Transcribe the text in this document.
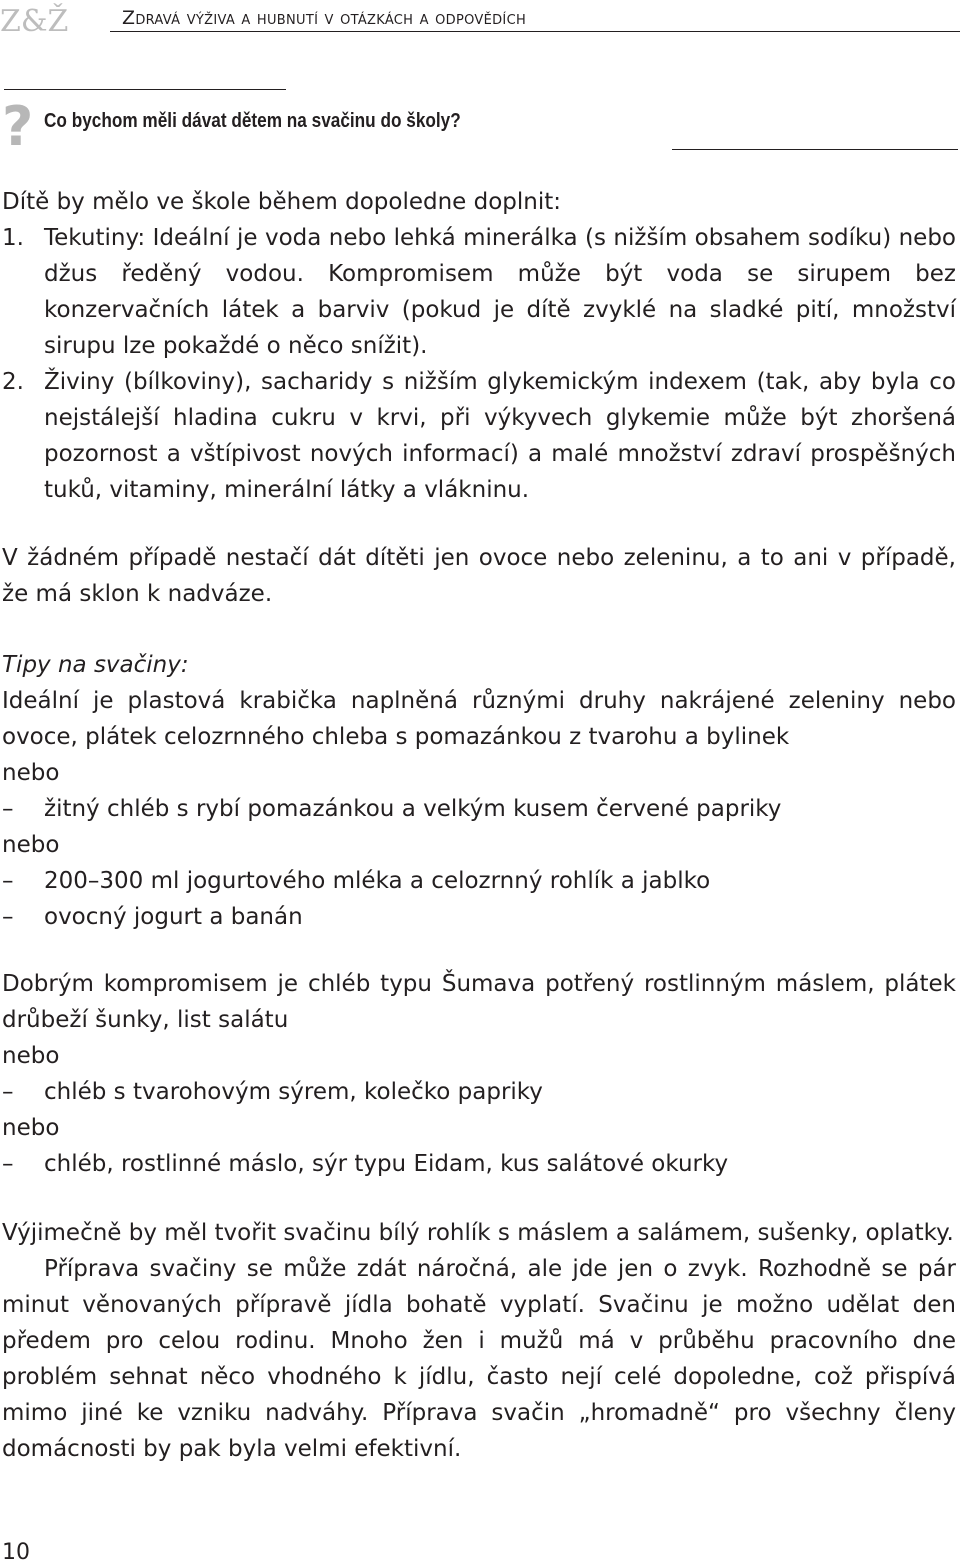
Z&Ž	Zdravá výživa a hubnutí v otázkách a odpovědích
? Co bychom měli dávat dětem na svačinu do školy?

Dítě by mělo ve škole během dopoledne doplnit:

1. Tekutiny: Ideální je voda nebo lehká minerálka (s nižším obsahem sodíku) nebo džus ředěný vodou. Kompromisem může být voda se sirupem bez konzervačních látek a barviv (pokud je dítě zvyklé na sladké pití, množství sirupu lze pokaždé o něco snížit).
2. Živiny (bílkoviny), sacharidy s nižším glykemickým indexem (tak, aby byla co nejstálejší hladina cukru v krvi, při výkyvech glykemie může být zhoršená pozornost a vštípivost nových informací) a malé množství zdraví prospěšných tuků, vitaminy, minerální látky a vlákninu.
V žádném případě nestačí dát dítěti jen ovoce nebo zeleninu, a to ani v případě, že má sklon k nadváze.

Tipy na svačiny:

Ideální je plastová krabička naplněná různými druhy nakrájené zeleniny nebo ovoce, plátek celozrnného chleba s pomazánkou z tvarohu a bylinek

nebo

–	žitný chléb s rybí pomazánkou a velkým kusem červené papriky

nebo

–	200–300 ml jogurtového mléka a celozrnný rohlík a jablko
–	ovocný jogurt a banán

Dobrým kompromisem je chléb typu Šumava potřený rostlinným máslem, plátek drůbeží šunky, list salátu

nebo

–	chléb s tvarohovým sýrem, kolečko papriky

nebo

–	chléb, rostlinné máslo, sýr typu Eidam, kus salátové okurky

Výjimečně by měl tvořit svačinu bílý rohlík s máslem a salámem, sušenky, oplatky.

Příprava svačiny se může zdát náročná, ale jde jen o zvyk. Rozhodně se pár minut věnovaných přípravě jídla bohatě vyplatí. Svačinu je možno udělat den předem pro celou rodinu. Mnoho žen i mužů má v průběhu pracovního dne problém sehnat něco vhodného k jídlu, často nejí celé dopoledne, což přispívá mimo jiné ke vzniku nadváhy. Příprava svačin „hromadně“ pro všechny členy domácnosti by pak byla velmi efektivní.

10
